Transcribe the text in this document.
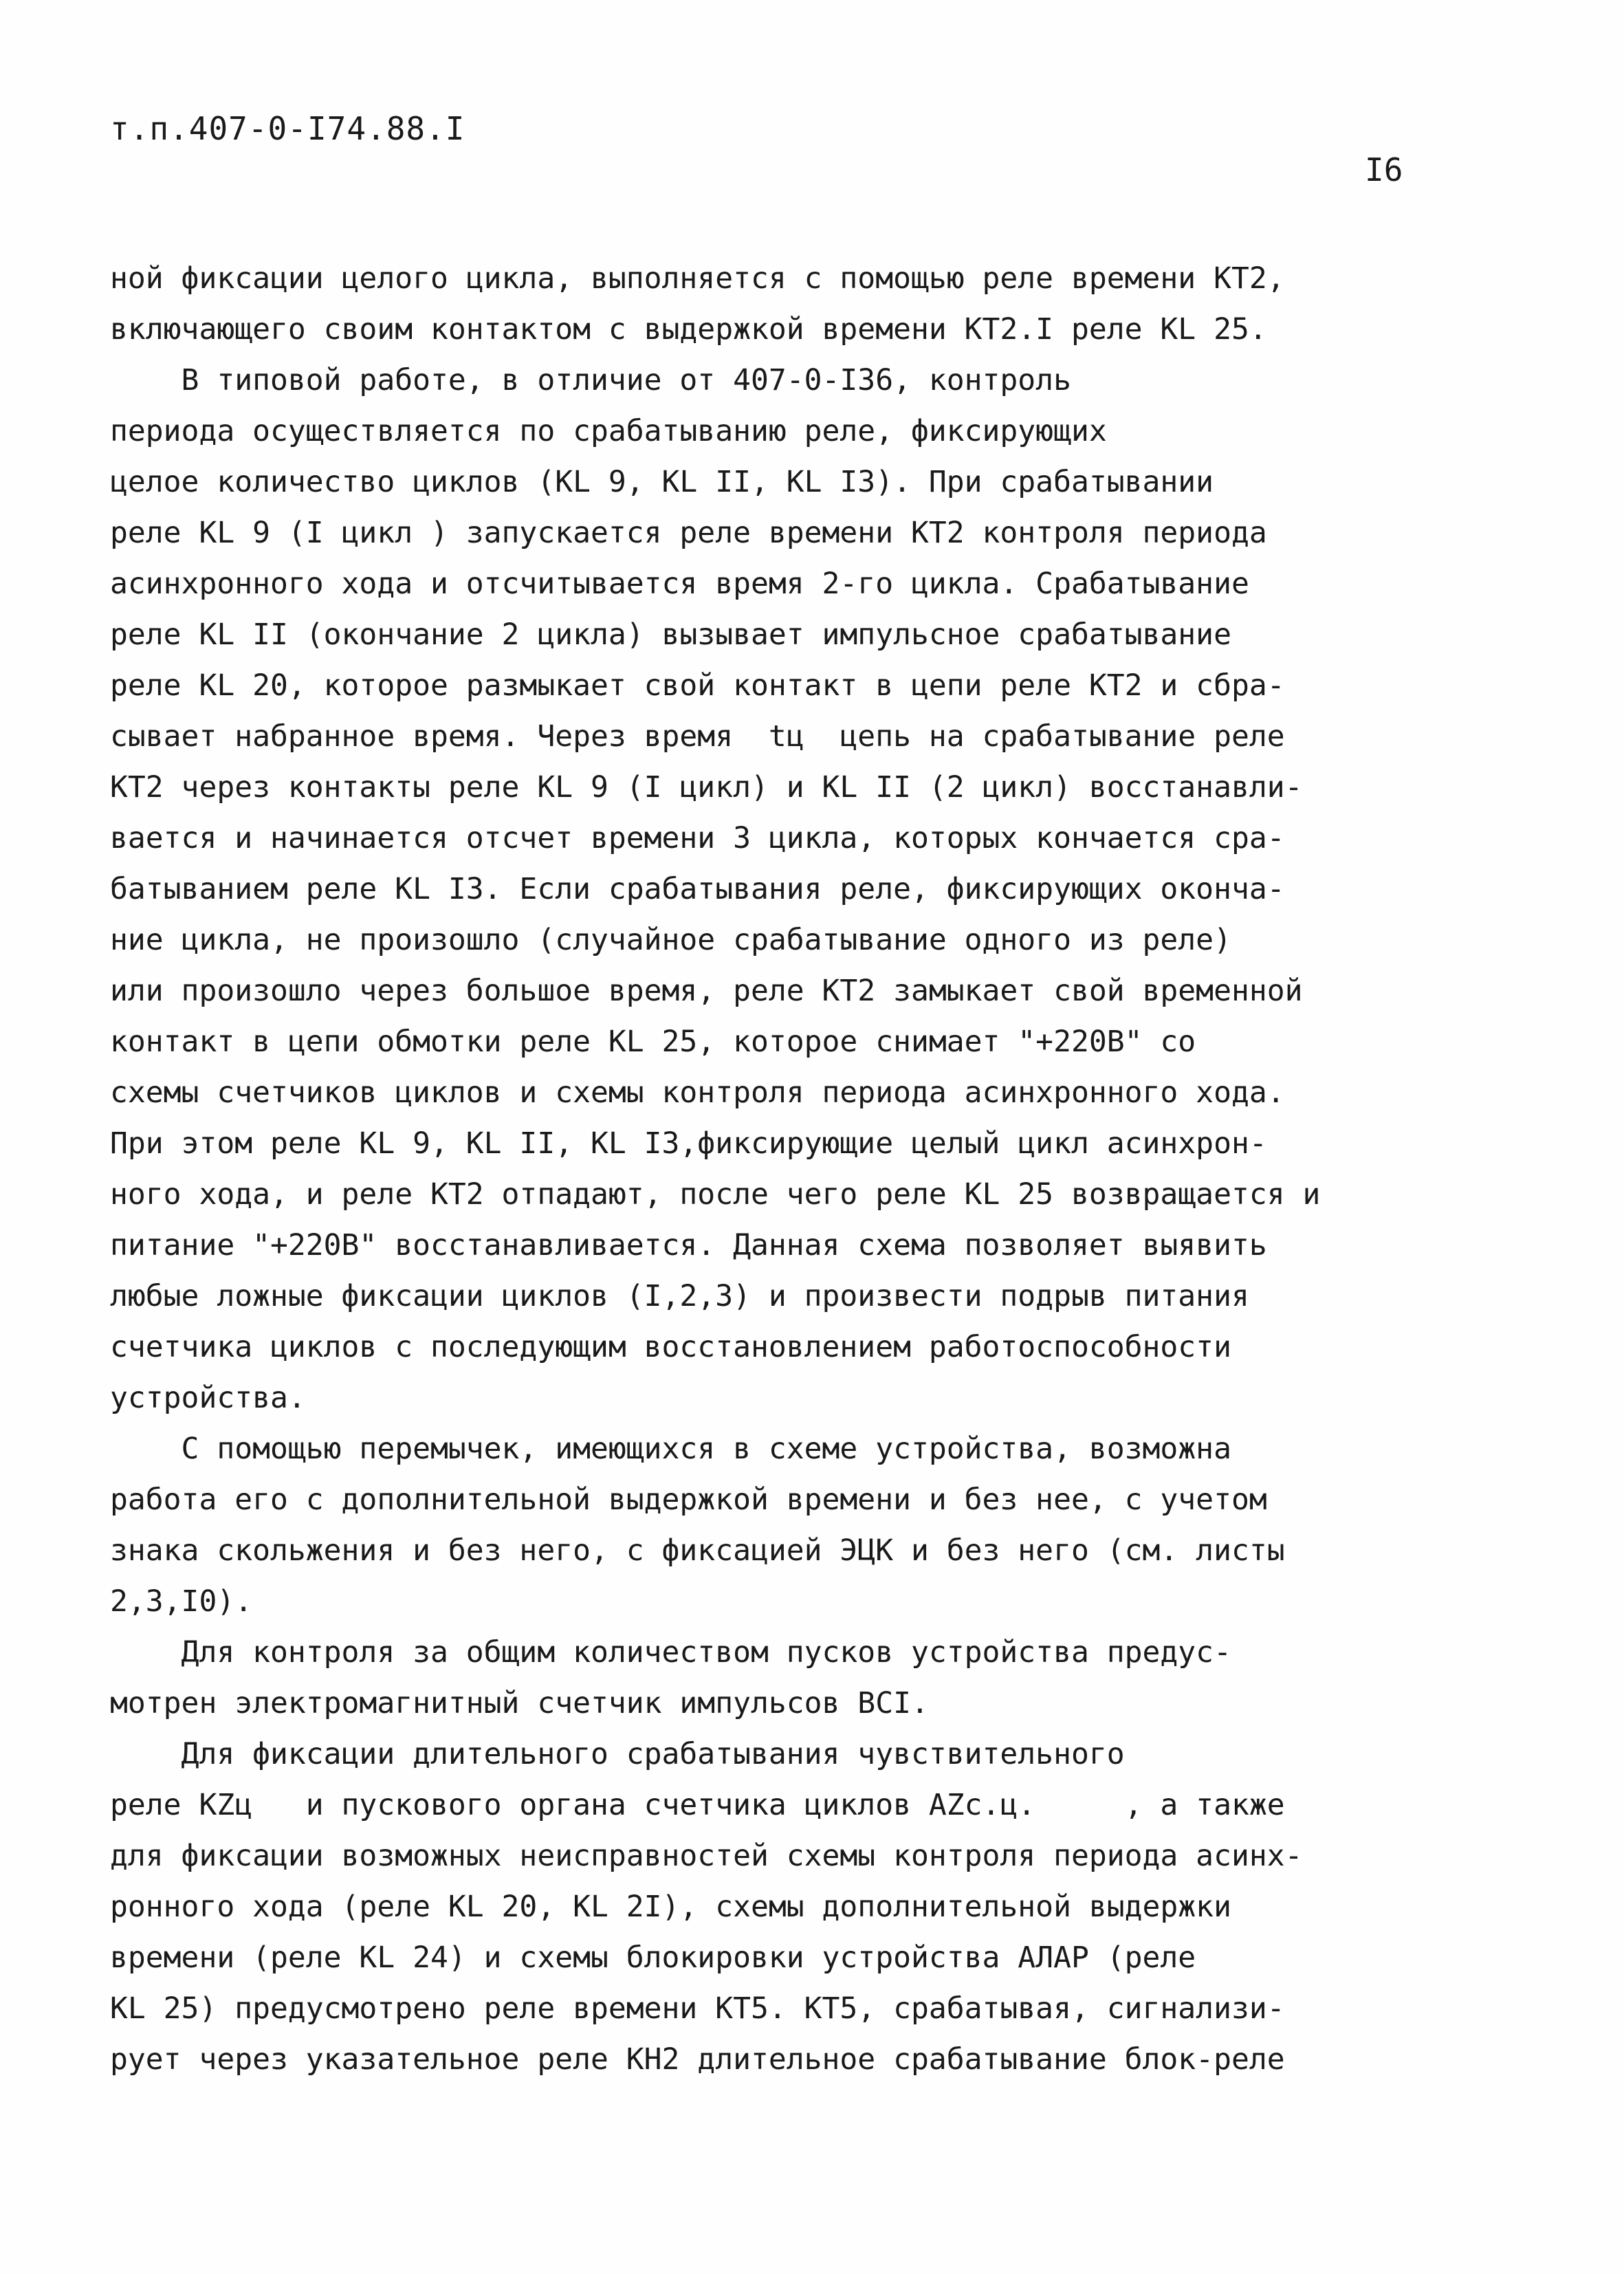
т.п.407-0-І74.88.І
І6
ной фиксации целого цикла, выполняется с помощью реле времени КТ2,
включающего своим контактом с выдержкой времени КТ2.І реле KL 25.
В типовой работе, в отличие от 407-0-І36, контроль
периода осуществляется по срабатыванию реле, фиксирующих
целое количество циклов (KL 9, KL ІІ, KL ІЗ). При срабатывании
реле KL 9 (І цикл ) запускается реле времени КТ2 контроля периода
асинхронного хода и отсчитывается время 2-го цикла. Срабатывание
реле KL ІІ (окончание 2 цикла) вызывает импульсное срабатывание
реле KL 20, которое размыкает свой контакт в цепи реле КТ2 и сбра-
сывает набранное время. Через время  tц  цепь на срабатывание реле
КТ2 через контакты реле KL 9 (І цикл) и KL ІІ (2 цикл) восстанавли-
вается и начинается отсчет времени 3 цикла, которых кончается сра-
батыванием реле KL ІЗ. Если срабатывания реле, фиксирующих оконча-
ние цикла, не произошло (случайное срабатывание одного из реле)
или произошло через большое время, реле КТ2 замыкает свой временной
контакт в цепи обмотки реле KL 25, которое снимает "+220В" со
схемы счетчиков циклов и схемы контроля периода асинхронного хода.
При этом реле KL 9, KL ІІ, KL ІЗ,фиксирующие целый цикл асинхрон-
ного хода, и реле КТ2 отпадают, после чего реле KL 25 возвращается и
питание "+220В" восстанавливается. Данная схема позволяет выявить
любые ложные фиксации циклов (І,2,3) и произвести подрыв питания
счетчика циклов с последующим восстановлением работоспособности
устройства.
С помощью перемычек, имеющихся в схеме устройства, возможна
работа его с дополнительной выдержкой времени и без нее, с учетом
знака скольжения и без него, с фиксацией ЭЦК и без него (см. листы
2,3,І0).
Для контроля за общим количеством пусков устройства предус-
мотрен электромагнитный счетчик импульсов ВСІ.
Для фиксации длительного срабатывания чувствительного
реле KZц   и пускового органа счетчика циклов AZс.ц.     , а также
для фиксации возможных неисправностей схемы контроля периода асинх-
ронного хода (реле KL 20, KL 2І), схемы дополнительной выдержки
времени (реле KL 24) и схемы блокировки устройства АЛАР (реле
KL 25) предусмотрено реле времени КТ5. КТ5, срабатывая, сигнализи-
рует через указательное реле КН2 длительное срабатывание блок-реле
